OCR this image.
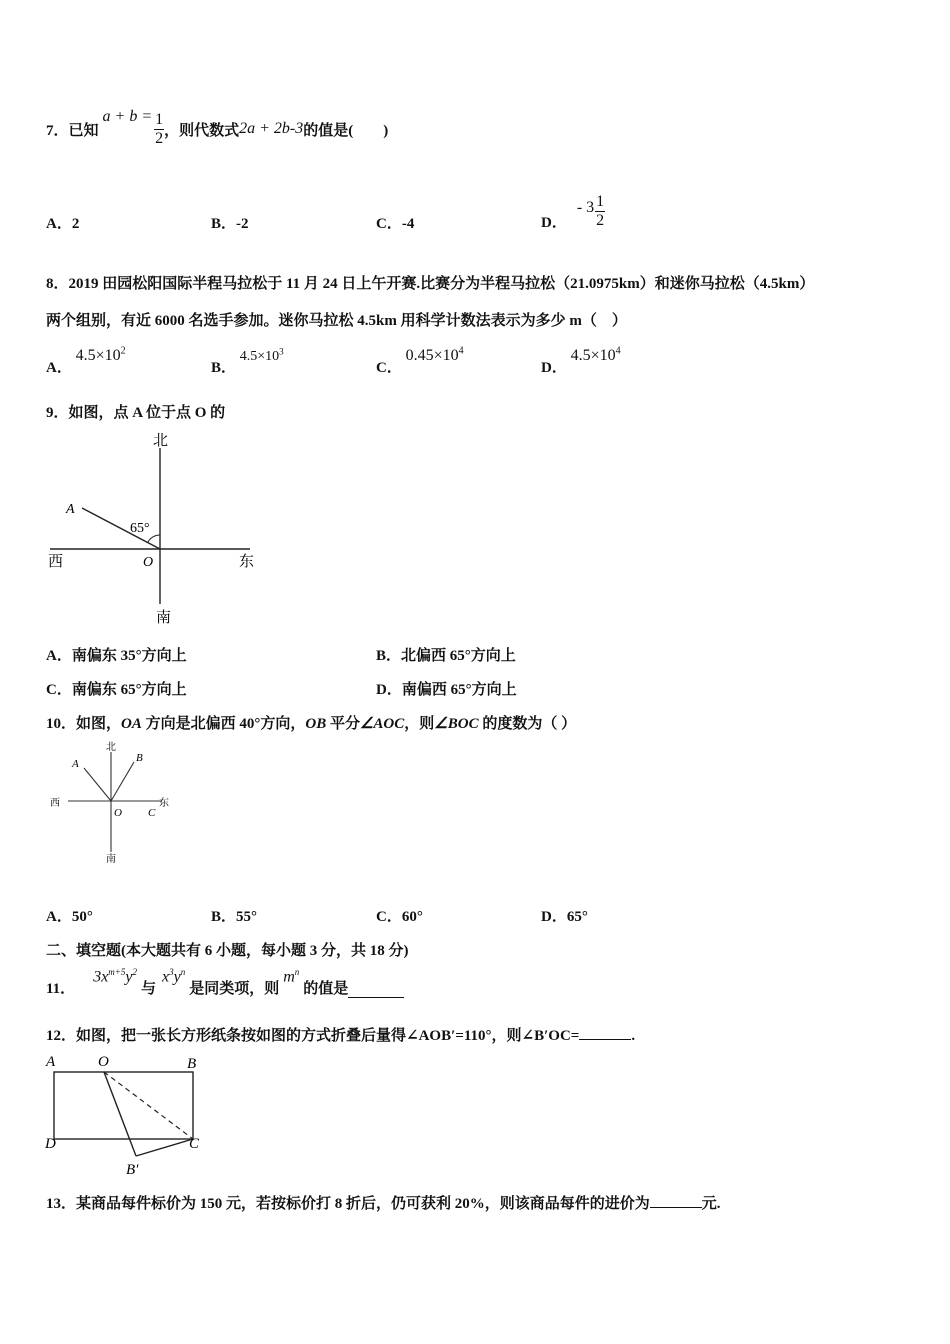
7．已知
$a + b = \frac{1}{2}$ ，则代数式 2a + 2b-3 的值是(　　)
A．2	B．-2	C．-4	D．
- $3 \frac{1}{2}$
8．2019 田园松阳国际半程马拉松于 11 月 24 日上午开赛.比赛分为半程马拉松（21.0975km）和迷你马拉松（4.5km）
两个组别，有近 6000 名选手参加。迷你马拉松 4.5km 用科学计数法表示为多少 m（　）
A． $4.5\times 10^2$
B． $4.5\times 10^3$
C． $0.45\times 10^4$
D． $4.5\times 10^4$
9．如图，点 A 位于点 O 的
北
南
西	东
A
O
65°
A．南偏东 35°方向上	B．北偏西 65°方向上
C．南偏东 65°方向上	D．南偏西 65°方向上
10．如图，OA 方向是北偏西 40°方向，OB 平分∠AOC，则∠BOC 的度数为（ ）
北
南
西	东
A	B
C
O
A．50°	B．55°	C．60°	D．65°
二、填空题(本大题共有 6 小题，每小题 3 分，共 18 分)
11．
$3x^{m+5}y^2$
与
$x^3y^n$
是同类项，则
$m^n$
的值是
12．如图，把一张长方形纸条按如图的方式折叠后量得∠AOB′=110°，则∠B′OC=	.
A	O	B
D	C
B′
13．某商品每件标价为 150 元，若按标价打 8 折后，仍可获利 20%，则该商品每件的进价为	元.
